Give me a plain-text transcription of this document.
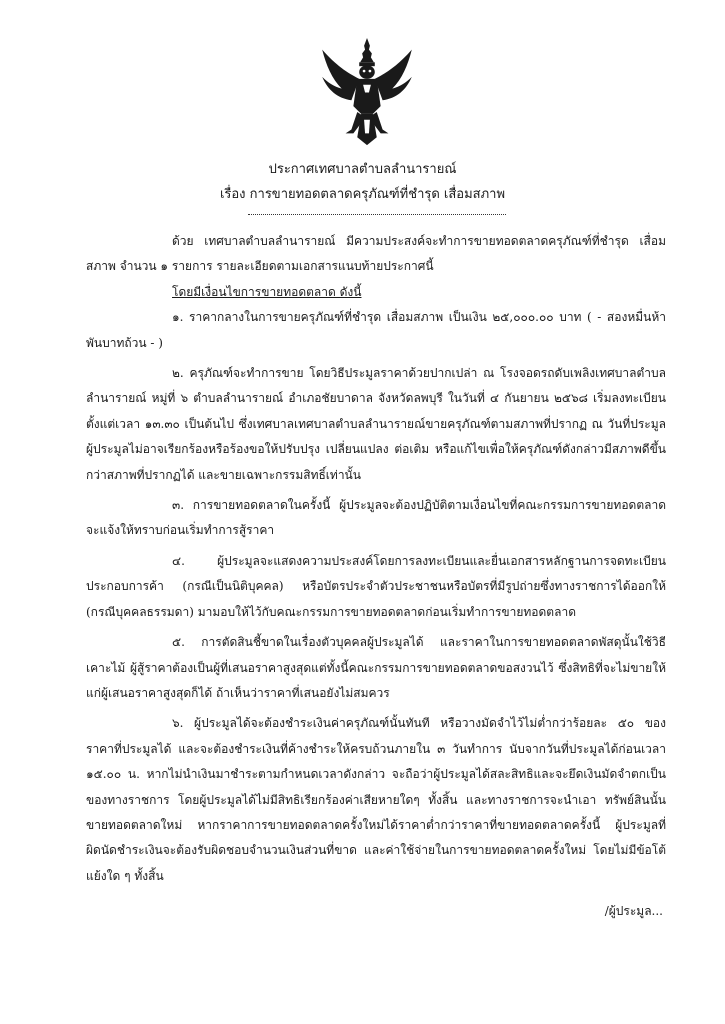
ประกาศเทศบาลตำบลลำนารายณ์
เรื่อง การขายทอดตลาดครุภัณฑ์ที่ชำรุด เสื่อมสภาพ

ด้วย เทศบาลตำบลลำนารายณ์ มีความประสงค์จะทำการขายทอดตลาดครุภัณฑ์ที่ชำรุด เสื่อมสภาพ จำนวน ๑ รายการ รายละเอียดตามเอกสารแนบท้ายประกาศนี้

โดยมีเงื่อนไขการขายทอดตลาด ดังนี้

๑. ราคากลางในการขายครุภัณฑ์ที่ชำรุด เสื่อมสภาพ เป็นเงิน ๒๕,๐๐๐.๐๐ บาท ( - สองหมื่นห้าพันบาทถ้วน - )

๒. ครุภัณฑ์จะทำการขาย โดยวิธีประมูลราคาด้วยปากเปล่า ณ โรงจอดรถดับเพลิงเทศบาลตำบลลำนารายณ์ หมู่ที่ ๖ ตำบลลำนารายณ์ อำเภอชัยบาดาล จังหวัดลพบุรี ในวันที่ ๔ กันยายน ๒๕๖๘ เริ่มลงทะเบียนตั้งแต่เวลา ๑๓.๓๐ เป็นต้นไป ซึ่งเทศบาลเทศบาลตำบลลำนารายณ์ขายครุภัณฑ์ตามสภาพที่ปรากฏ ณ วันที่ประมูล ผู้ประมูลไม่อาจเรียกร้องหรือร้องขอให้ปรับปรุง เปลี่ยนแปลง ต่อเติม หรือแก้ไขเพื่อให้ครุภัณฑ์ดังกล่าวมีสภาพดีขึ้นกว่าสภาพที่ปรากฏได้ และขายเฉพาะกรรมสิทธิ์เท่านั้น

๓. การขายทอดตลาดในครั้งนี้ ผู้ประมูลจะต้องปฏิบัติตามเงื่อนไขที่คณะกรรมการขายทอดตลาดจะแจ้งให้ทราบก่อนเริ่มทำการสู้ราคา

๔. ผู้ประมูลจะแสดงความประสงค์โดยการลงทะเบียนและยื่นเอกสารหลักฐานการจดทะเบียนประกอบการค้า (กรณีเป็นนิติบุคคล) หรือบัตรประจำตัวประชาชนหรือบัตรที่มีรูปถ่ายซึ่งทางราชการได้ออกให้ (กรณีบุคคลธรรมดา) มามอบให้ไว้กับคณะกรรมการขายทอดตลาดก่อนเริ่มทำการขายทอดตลาด

๕. การตัดสินชี้ขาดในเรื่องตัวบุคคลผู้ประมูลได้ และราคาในการขายทอดตลาดพัสดุนั้นใช้วิธีเคาะไม้ ผู้สู้ราคาต้องเป็นผู้ที่เสนอราคาสูงสุดแต่ทั้งนี้คณะกรรมการขายทอดตลาดขอสงวนไว้ ซึ่งสิทธิที่จะไม่ขายให้แก่ผู้เสนอราคาสูงสุดก็ได้ ถ้าเห็นว่าราคาที่เสนอยังไม่สมควร

๖. ผู้ประมูลได้จะต้องชำระเงินค่าครุภัณฑ์นั้นทันที หรือวางมัดจำไว้ไม่ต่ำกว่าร้อยละ ๕๐ ของราคาที่ประมูลได้ และจะต้องชำระเงินที่ค้างชำระให้ครบถ้วนภายใน ๓ วันทำการ นับจากวันที่ประมูลได้ก่อนเวลา ๑๕.๐๐ น. หากไม่นำเงินมาชำระตามกำหนดเวลาดังกล่าว จะถือว่าผู้ประมูลได้สละสิทธิและจะยึดเงินมัดจำตกเป็นของทางราชการ โดยผู้ประมูลได้ไม่มีสิทธิเรียกร้องค่าเสียหายใดๆ ทั้งสิ้น และทางราชการจะนำเอา ทรัพย์สินนั้นขายทอดตลาดใหม่ หากราคาการขายทอดตลาดครั้งใหม่ได้ราคาต่ำกว่าราคาที่ขายทอดตลาดครั้งนี้ ผู้ประมูลที่ผิดนัดชำระเงินจะต้องรับผิดชอบจำนวนเงินส่วนที่ขาด และค่าใช้จ่ายในการขายทอดตลาดครั้งใหม่ โดยไม่มีข้อโต้แย้งใด ๆ ทั้งสิ้น

/ผู้ประมูล...
